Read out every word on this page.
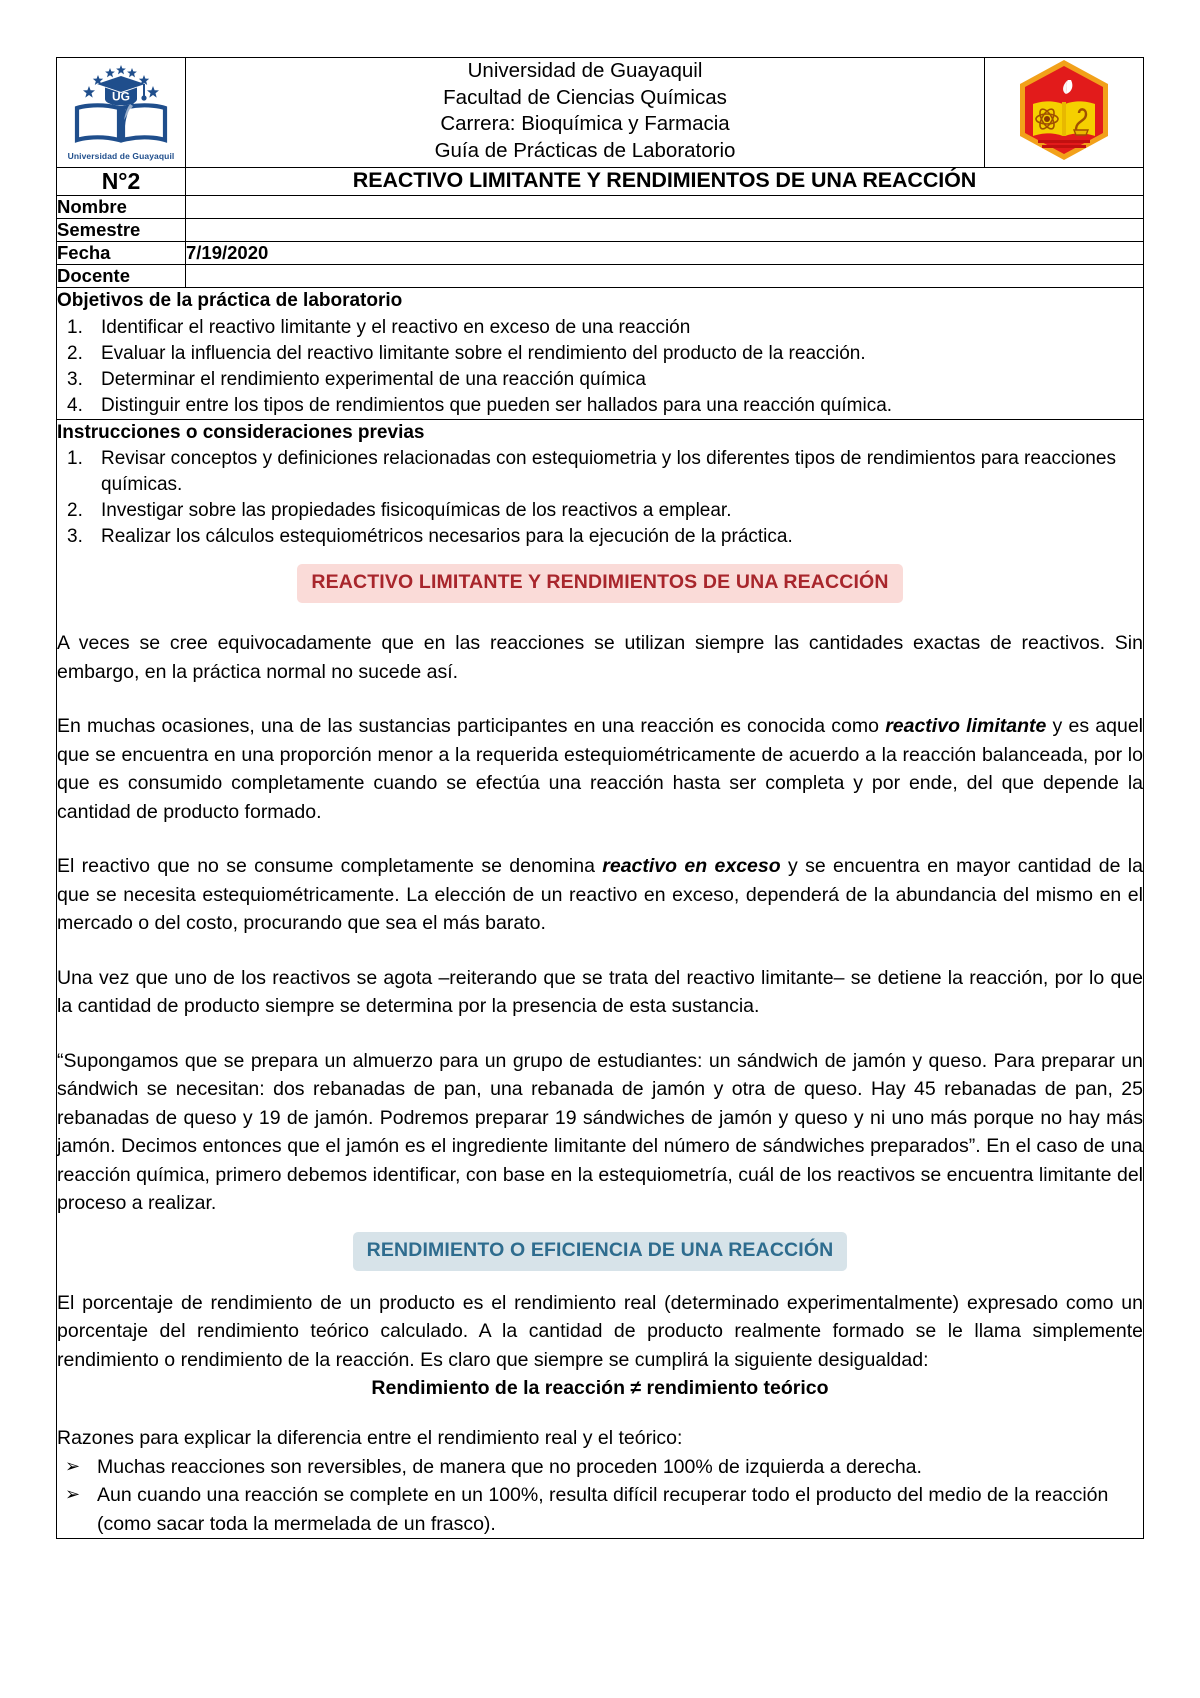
UG
Universidad de Guayaquil

Universidad de Guayaquil
Facultad de Ciencias Químicas
Carrera: Bioquímica y Farmacia
Guía de Prácticas de Laboratorio

N°2	REACTIVO LIMITANTE Y RENDIMIENTOS DE UNA REACCIÓN	
Nombre		
Semestre		
Fecha	7/19/2020	
Docente		

Objetivos de la práctica de laboratorio
1. Identificar el reactivo limitante y el reactivo en exceso de una reacción
2. Evaluar la influencia del reactivo limitante sobre el rendimiento del producto de la reacción.
3. Determinar el rendimiento experimental de una reacción química
4. Distinguir entre los tipos de rendimientos que pueden ser hallados para una reacción química.

Instrucciones o consideraciones previas
1. Revisar conceptos y definiciones relacionadas con estequiometria y los diferentes tipos de rendimientos para reacciones químicas.
2. Investigar sobre las propiedades fisicoquímicas de los reactivos a emplear.
3. Realizar los cálculos estequiométricos necesarios para la ejecución de la práctica.
REACTIVO LIMITANTE Y RENDIMIENTOS DE UNA REACCIÓN

A veces se cree equivocadamente que en las reacciones se utilizan siempre las cantidades exactas de reactivos. Sin embargo, en la práctica normal no sucede así.

En muchas ocasiones, una de las sustancias participantes en una reacción es conocida como reactivo limitante y es aquel que se encuentra en una proporción menor a la requerida estequiométricamente de acuerdo a la reacción balanceada, por lo que es consumido completamente cuando se efectúa una reacción hasta ser completa y por ende, del que depende la cantidad de producto formado.

El reactivo que no se consume completamente se denomina reactivo en exceso y se encuentra en mayor cantidad de la que se necesita estequiométricamente. La elección de un reactivo en exceso, dependerá de la abundancia del mismo en el mercado o del costo, procurando que sea el más barato.

Una vez que uno de los reactivos se agota –reiterando que se trata del reactivo limitante– se detiene la reacción, por lo que la cantidad de producto siempre se determina por la presencia de esta sustancia.

“Supongamos que se prepara un almuerzo para un grupo de estudiantes: un sándwich de jamón y queso. Para preparar un sándwich se necesitan: dos rebanadas de pan, una rebanada de jamón y otra de queso. Hay 45 rebanadas de pan, 25 rebanadas de queso y 19 de jamón. Podremos preparar 19 sándwiches de jamón y queso y ni uno más porque no hay más jamón. Decimos entonces que el jamón es el ingrediente limitante del número de sándwiches preparados”. En el caso de una reacción química, primero debemos identificar, con base en la estequiometría, cuál de los reactivos se encuentra limitante del proceso a realizar.

RENDIMIENTO O EFICIENCIA DE UNA REACCIÓN

El porcentaje de rendimiento de un producto es el rendimiento real (determinado experimentalmente) expresado como un porcentaje del rendimiento teórico calculado. A la cantidad de producto realmente formado se le llama simplemente rendimiento o rendimiento de la reacción. Es claro que siempre se cumplirá la siguiente desigualdad:

Rendimiento de la reacción ≠ rendimiento teórico

Razones para explicar la diferencia entre el rendimiento real y el teórico:

➢ Muchas reacciones son reversibles, de manera que no proceden 100% de izquierda a derecha.
➢ Aun cuando una reacción se complete en un 100%, resulta difícil recuperar todo el producto del medio de la reacción (como sacar toda la mermelada de un frasco).
